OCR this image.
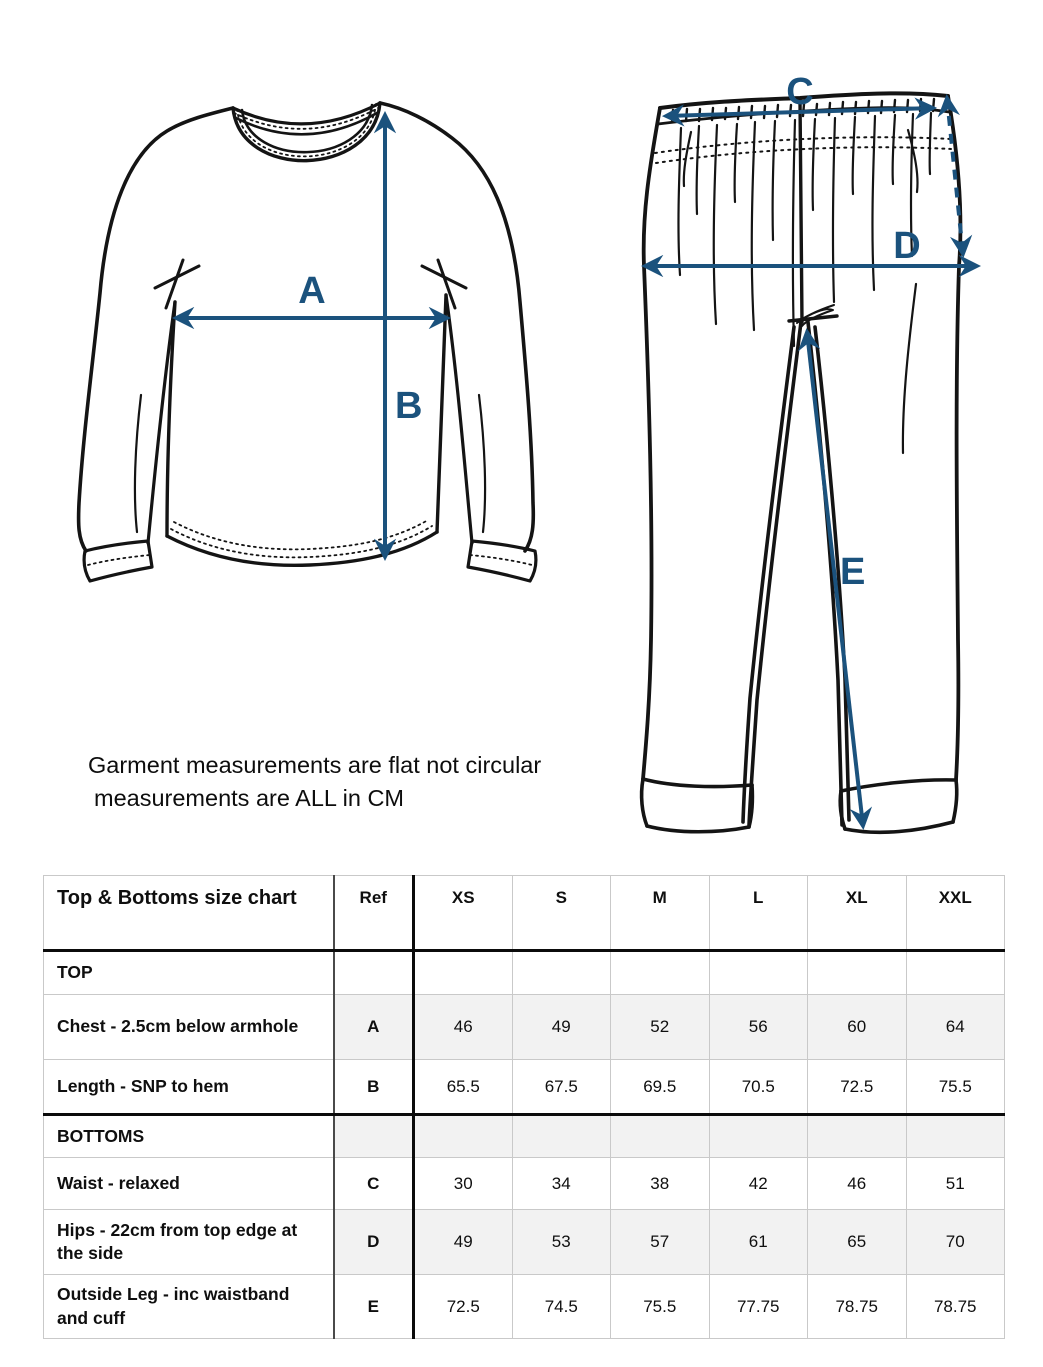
A
B
C
D
E
Garment measurements are flat not circular
measurements are ALL in CM
Top & Bottoms size chart	Ref	XS	S	M	L	XL	XXL
TOP							
Chest - 2.5cm below armhole	A	46	49	52	56	60	64
Length - SNP to hem	B	65.5	67.5	69.5	70.5	72.5	75.5
BOTTOMS							
Waist - relaxed	C	30	34	38	42	46	51
Hips - 22cm from top edge at the side	D	49	53	57	61	65	70
Outside Leg - inc waistband and cuff	E	72.5	74.5	75.5	77.75	78.75	78.75
